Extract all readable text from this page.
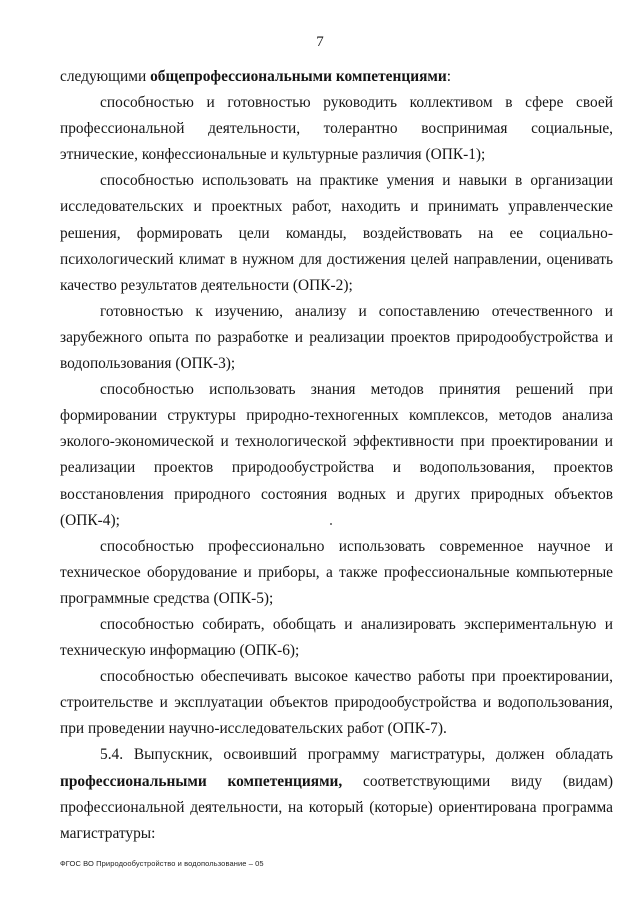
7

следующими общепрофессиональными компетенциями:

способностью и готовностью руководить коллективом в сфере своей профессиональной деятельности, толерантно воспринимая социальные, этнические, конфессиональные и культурные различия (ОПК-1);

способностью использовать на практике умения и навыки в организации исследовательских и проектных работ, находить и принимать управленческие решения, формировать цели команды, воздействовать на ее социально-психологический климат в нужном для достижения целей направлении, оценивать качество результатов деятельности (ОПК-2);

готовностью к изучению, анализу и сопоставлению отечественного и зарубежного опыта по разработке и реализации проектов природообустройства и водопользования (ОПК-3);

способностью использовать знания методов принятия решений при формировании структуры природно-техногенных комплексов, методов анализа эколого-экономической и технологической эффективности при проектировании и реализации проектов природообустройства и водопользования, проектов восстановления природного состояния водных и других природных объектов (ОПК-4);

способностью профессионально использовать современное научное и техническое оборудование и приборы, а также профессиональные компьютерные программные средства (ОПК-5);

способностью собирать, обобщать и анализировать экспериментальную и техническую информацию (ОПК-6);

способностью обеспечивать высокое качество работы при проектировании, строительстве и эксплуатации объектов природообустройства и водопользования, при проведении научно-исследовательских работ (ОПК-7).

5.4. Выпускник, освоивший программу магистратуры, должен обладать профессиональными компетенциями, соответствующими виду (видам) профессиональной деятельности, на который (которые) ориентирована программа магистратуры:

ФГОС ВО Природообустройство и водопользование – 05
